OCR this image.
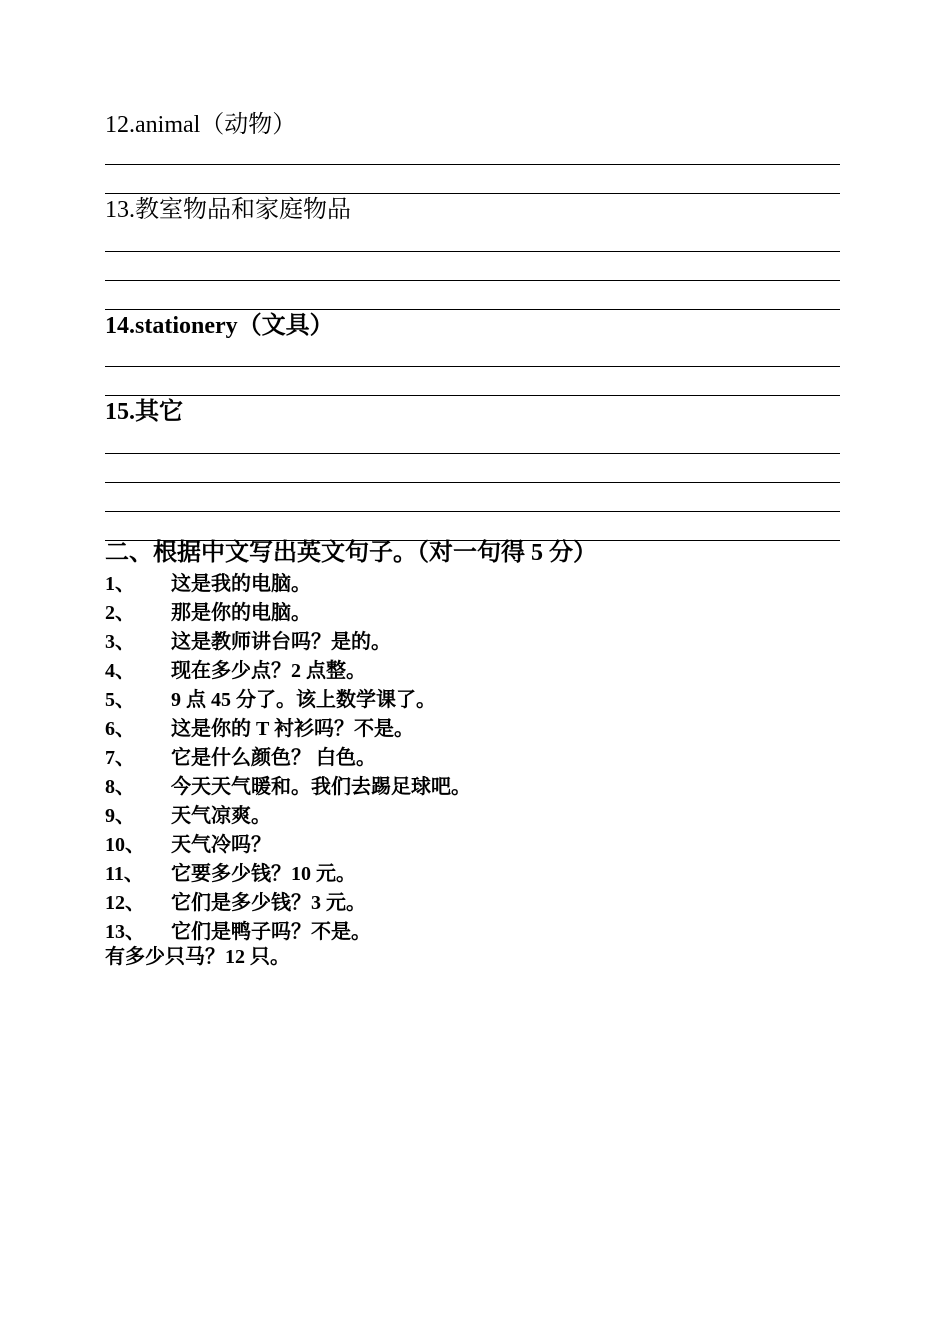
12.animal（动物）
13.教室物品和家庭物品
14.stationery（文具）
15.其它
二、根据中文写出英文句子。（对一句得 5 分）
1、 这是我的电脑。
2、 那是你的电脑。
3、 这是教师讲台吗？是的。
4、 现在多少点？2 点整。
5、 9 点 45 分了。该上数学课了。
6、 这是你的 T 衬衫吗？不是。
7、 它是什么颜色？ 白色。
8、 今天天气暖和。我们去踢足球吧。
9、 天气凉爽。
10、 天气冷吗？
11、 它要多少钱？10 元。
12、 它们是多少钱？3 元。
13、 它们是鸭子吗？不是。
有多少只马？12 只。
